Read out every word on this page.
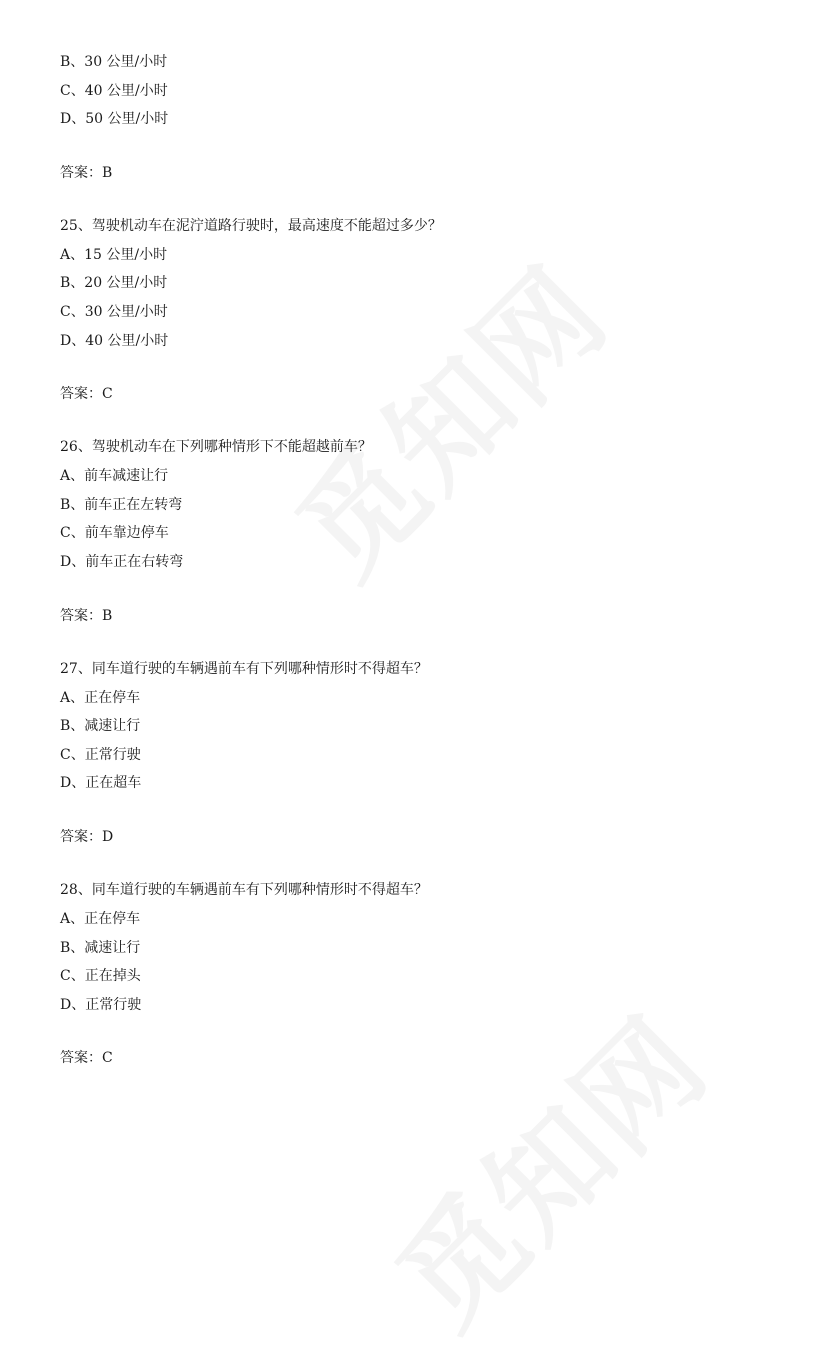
B、30 公里/小时
C、40 公里/小时
D、50 公里/小时
答案：B
25、驾驶机动车在泥泞道路行驶时，最高速度不能超过多少？
A、15 公里/小时
B、20 公里/小时
C、30 公里/小时
D、40 公里/小时
答案：C
26、驾驶机动车在下列哪种情形下不能超越前车？
A、前车减速让行
B、前车正在左转弯
C、前车靠边停车
D、前车正在右转弯
答案：B
27、同车道行驶的车辆遇前车有下列哪种情形时不得超车？
A、正在停车
B、减速让行
C、正常行驶
D、正在超车
答案：D
28、同车道行驶的车辆遇前车有下列哪种情形时不得超车？
A、正在停车
B、减速让行
C、正在掉头
D、正常行驶
答案：C
